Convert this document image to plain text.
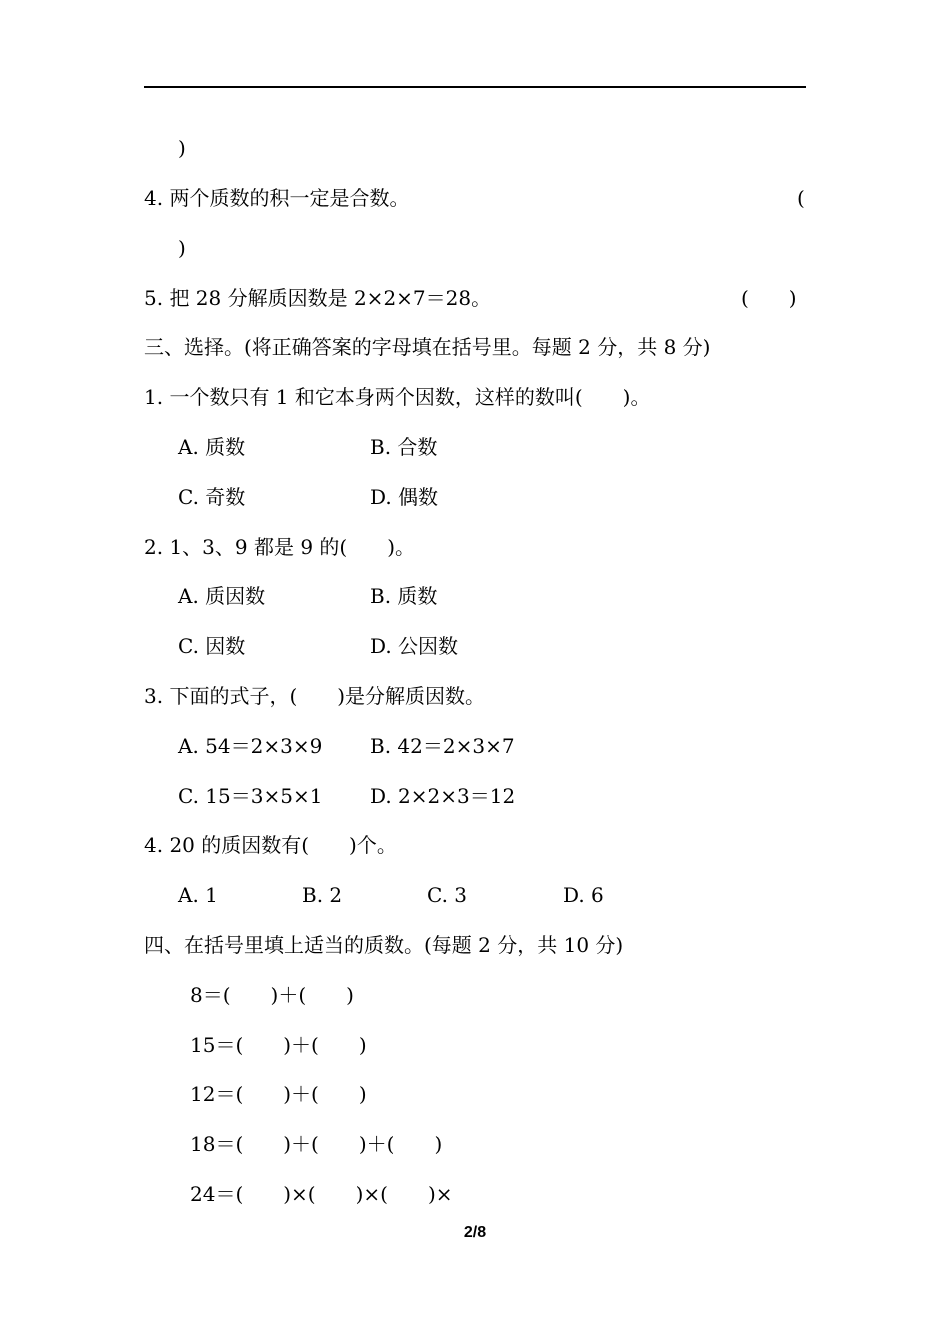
)
4. 两个质数的积一定是合数。	(
)
5. 把 28 分解质因数是 2×2×7＝28。	(　　)
三、选择。(将正确答案的字母填在括号里。每题 2 分，共 8 分)
1. 一个数只有 1 和它本身两个因数，这样的数叫(　　)。
A. 质数	B. 合数
C. 奇数	D. 偶数
2. 1、3、9 都是 9 的(　　)。
A. 质因数	B. 质数
C. 因数	D. 公因数
3. 下面的式子，(　　)是分解质因数。
A. 54＝2×3×9 B. 42＝2×3×7
C. 15＝3×5×1 D. 2×2×3＝12
4. 20 的质因数有(　　)个。
A. 1	B. 2	C. 3	D. 6
四、在括号里填上适当的质数。(每题 2 分，共 10 分)
8＝(　　)＋(　　)
15＝(　　)＋(　　)
12＝(　　)＋(　　)
18＝(　　)＋(　　)＋(　　)
24＝(　　)×(　　)×(　　)×
2/8
